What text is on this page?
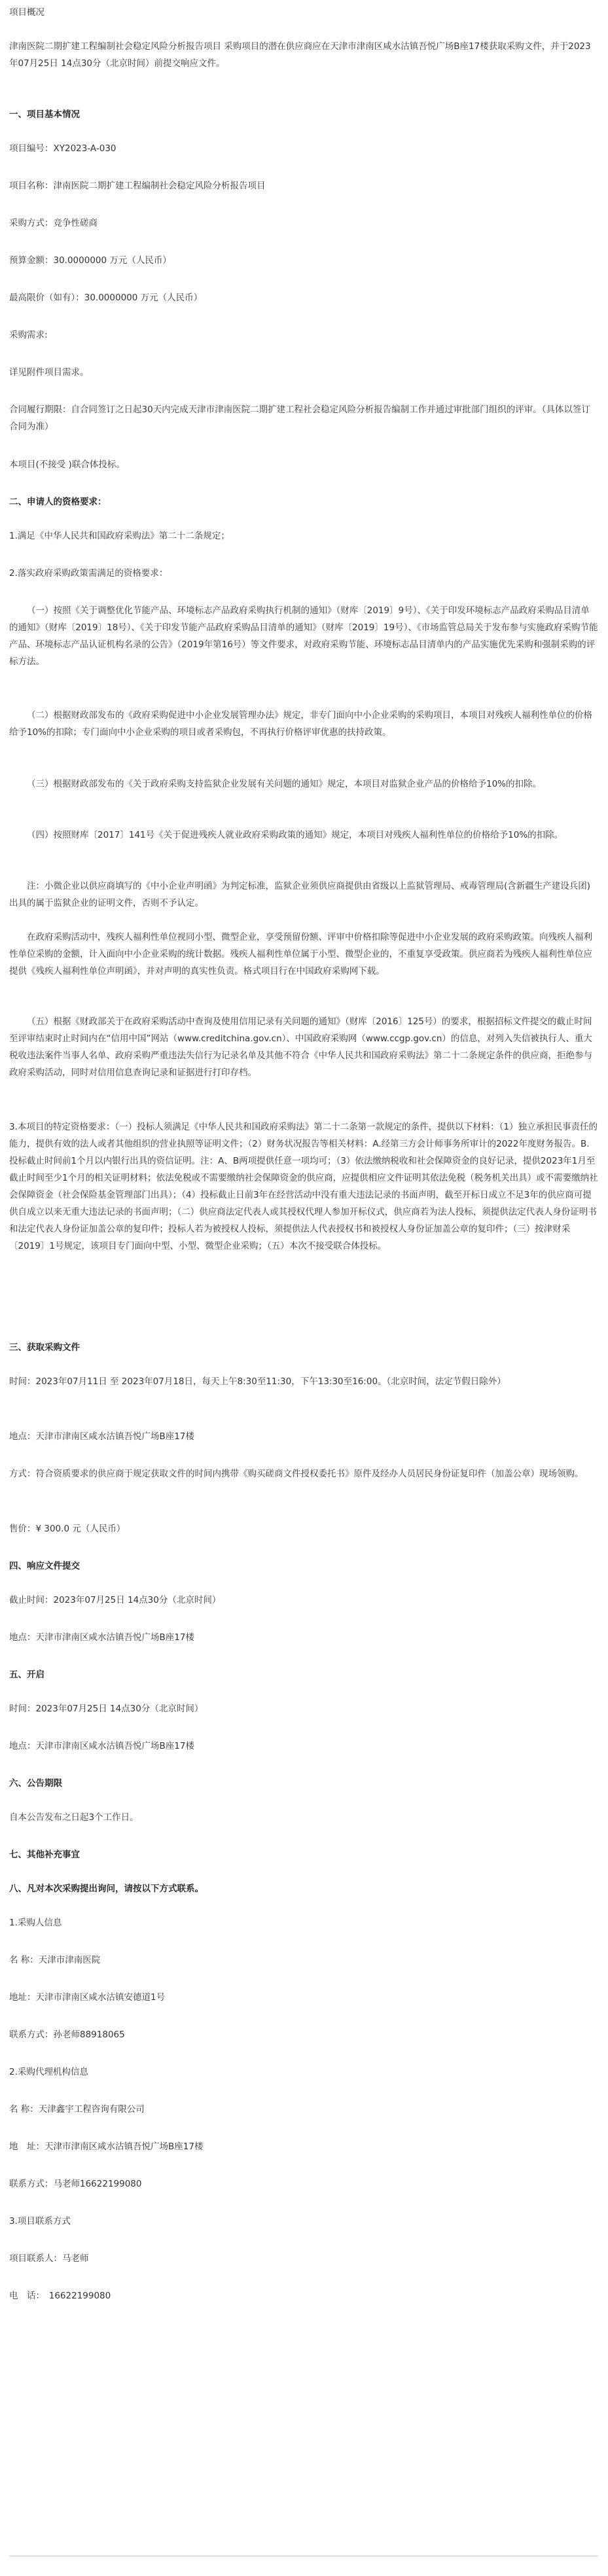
项目概况

津南医院二期扩建工程编制社会稳定风险分析报告项目 采购项目的潜在供应商应在天津市津南区咸水沽镇吾悦广场B座17楼获取采购文件，并于2023年07月25日 14点30分（北京时间）前提交响应文件。

一、项目基本情况

项目编号：XY2023-A-030

项目名称：津南医院二期扩建工程编制社会稳定风险分析报告项目

采购方式：竞争性磋商

预算金额：30.0000000 万元（人民币）

最高限价（如有）：30.0000000 万元（人民币）

采购需求:

详见附件项目需求。

合同履行期限：自合同签订之日起30天内完成天津市津南医院二期扩建工程社会稳定风险分析报告编制工作并通过审批部门组织的评审。（具体以签订合同为准）

本项目(不接受 )联合体投标。

二、申请人的资格要求：

1.满足《中华人民共和国政府采购法》第二十二条规定；

2.落实政府采购政策需满足的资格要求：

（一）按照《关于调整优化节能产品、环境标志产品政府采购执行机制的通知》（财库〔2019〕9号）、《关于印发环境标志产品政府采购品目清单的通知》（财库〔2019〕18号）、《关于印发节能产品政府采购品目清单的通知》（财库〔2019〕19号）、《市场监管总局关于发布参与实施政府采购节能产品、环境标志产品认证机构名录的公告》（2019年第16号）等文件要求，对政府采购节能、环境标志品目清单内的产品实施优先采购和强制采购的评标方法。

（二）根据财政部发布的《政府采购促进中小企业发展管理办法》规定，非专门面向中小企业采购的采购项目，本项目对残疾人福利性单位的价格给予10%的扣除；专门面向中小企业采购的项目或者采购包，不再执行价格评审优惠的扶持政策。

（三）根据财政部发布的《关于政府采购支持监狱企业发展有关问题的通知》规定，本项目对监狱企业产品的价格给予10%的扣除。

（四）按照财库〔2017〕141号《关于促进残疾人就业政府采购政策的通知》规定，本项目对残疾人福利性单位的价格给予10%的扣除。

注：小微企业以供应商填写的《中小企业声明函》为判定标准，监狱企业须供应商提供由省级以上监狱管理局、戒毒管理局(含新疆生产建设兵团)出具的属于监狱企业的证明文件，否则不予认定。

在政府采购活动中，残疾人福利性单位视同小型、微型企业，享受预留份额、评审中价格扣除等促进中小企业发展的政府采购政策。向残疾人福利性单位采购的金额，计入面向中小企业采购的统计数据。残疾人福利性单位属于小型、微型企业的，不重复享受政策。供应商若为残疾人福利性单位应提供《残疾人福利性单位声明函》，并对声明的真实性负责。格式项目行在中国政府采购网下载。

（五）根据《财政部关于在政府采购活动中查询及使用信用记录有关问题的通知》（财库〔2016〕125号）的要求，根据招标文件提交的截止时间至评审结束时止时间内在“信用中国”网站（www.creditchina.gov.cn）、中国政府采购网（www.ccgp.gov.cn）的信息，对列入失信被执行人、重大税收违法案件当事人名单、政府采购严重违法失信行为记录名单及其他不符合《中华人民共和国政府采购法》第二十二条规定条件的供应商，拒绝参与政府采购活动，同时对信用信息查询记录和证据进行打印存档。

3.本项目的特定资格要求：（一）投标人须满足《中华人民共和国政府采购法》第二十二条第一款规定的条件，提供以下材料：（1）独立承担民事责任的能力，提供有效的法人或者其他组织的营业执照等证明文件；（2）财务状况报告等相关材料：A.经第三方会计师事务所审计的2022年度财务报告。B.投标截止时间前1个月以内银行出具的资信证明。注：A、B两项提供任意一项均可；（3）依法缴纳税收和社会保障资金的良好记录，提供2023年1月至截止时间至少1个月的相关证明材料；依法免税或不需要缴纳社会保障资金的供应商，应提供相应文件证明其依法免税（税务机关出具）或不需要缴纳社会保障资金（社会保险基金管理部门出具）；（4）投标截止日前3年在经营活动中没有重大违法记录的书面声明，截至开标日成立不足3年的供应商可提供自成立以来无重大违法记录的书面声明；（二）供应商法定代表人或其授权代理人参加开标仪式，供应商若为法人投标，须提供法定代表人身份证明书和法定代表人身份证加盖公章的复印件；投标人若为被授权人投标，须提供法人代表授权书和被授权人身份证加盖公章的复印件；（三）按津财采〔2019〕1号规定，该项目专门面向中型、小型、微型企业采购；（五）本次不接受联合体投标。

三、获取采购文件

时间：2023年07月11日 至 2023年07月18日，每天上午8:30至11:30，下午13:30至16:00。（北京时间，法定节假日除外）

地点：天津市津南区咸水沽镇吾悦广场B座17楼

方式：符合资质要求的供应商于规定获取文件的时间内携带《购买磋商文件授权委托书》原件及经办人员居民身份证复印件（加盖公章）现场领购。

售价：¥ 300.0 元（人民币）

四、响应文件提交

截止时间：2023年07月25日 14点30分（北京时间）

地点：天津市津南区咸水沽镇吾悦广场B座17楼

五、开启

时间：2023年07月25日 14点30分（北京时间）

地点：天津市津南区咸水沽镇吾悦广场B座17楼

六、公告期限

自本公告发布之日起3个工作日。

七、其他补充事宜

八、凡对本次采购提出询问，请按以下方式联系。

1.采购人信息

名 称：天津市津南医院

地址：天津市津南区咸水沽镇安德道1号

联系方式：孙老师88918065

2.采购代理机构信息

名 称：天津鑫宇工程咨询有限公司

地　址：天津市津南区咸水沽镇吾悦广场B座17楼

联系方式：马老师16622199080

3.项目联系方式

项目联系人：马老师

电　话：　16622199080
